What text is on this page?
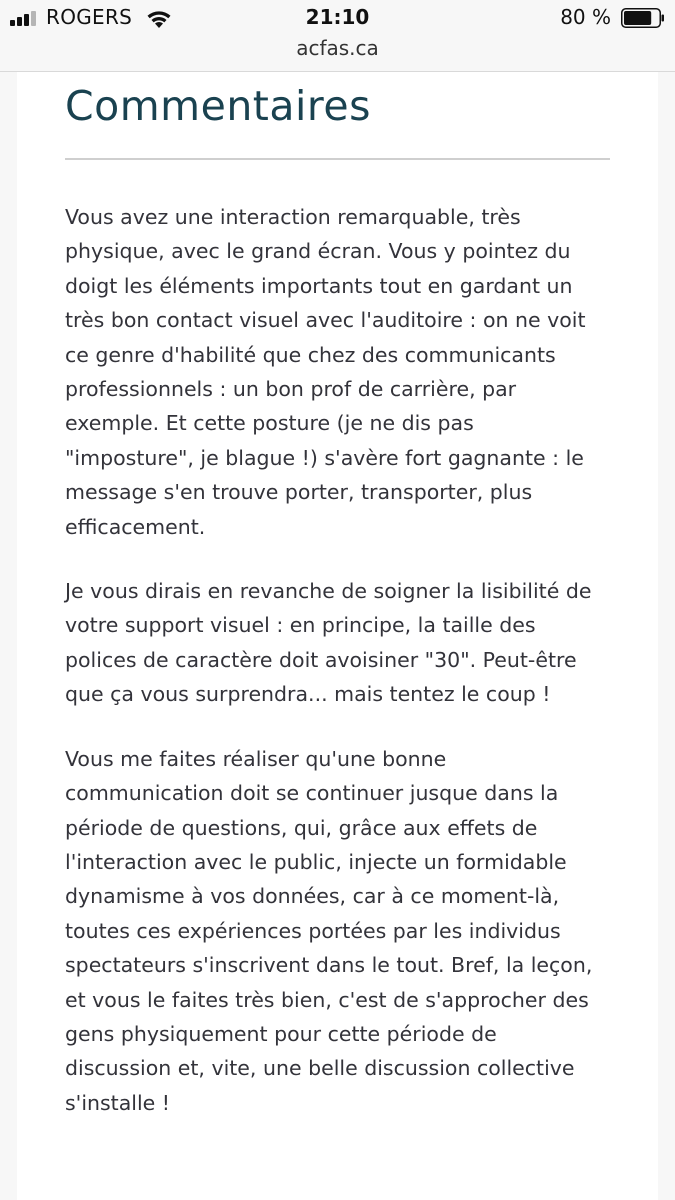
ROGERS	21:10	80 %
acfas.ca
Commentaires

Vous avez une interaction remarquable, très
physique, avec le grand écran. Vous y pointez du
doigt les éléments importants tout en gardant un
très bon contact visuel avec l'auditoire : on ne voit
ce genre d'habilité que chez des communicants
professionnels : un bon prof de carrière, par
exemple. Et cette posture (je ne dis pas
"imposture", je blague !) s'avère fort gagnante : le
message s'en trouve porter, transporter, plus
efficacement.

Je vous dirais en revanche de soigner la lisibilité de
votre support visuel : en principe, la taille des
polices de caractère doit avoisiner "30". Peut-être
que ça vous surprendra... mais tentez le coup !

Vous me faites réaliser qu'une bonne
communication doit se continuer jusque dans la
période de questions, qui, grâce aux effets de
l'interaction avec le public, injecte un formidable
dynamisme à vos données, car à ce moment-là,
toutes ces expériences portées par les individus
spectateurs s'inscrivent dans le tout. Bref, la leçon,
et vous le faites très bien, c'est de s'approcher des
gens physiquement pour cette période de
discussion et, vite, une belle discussion collective
s'installe !
